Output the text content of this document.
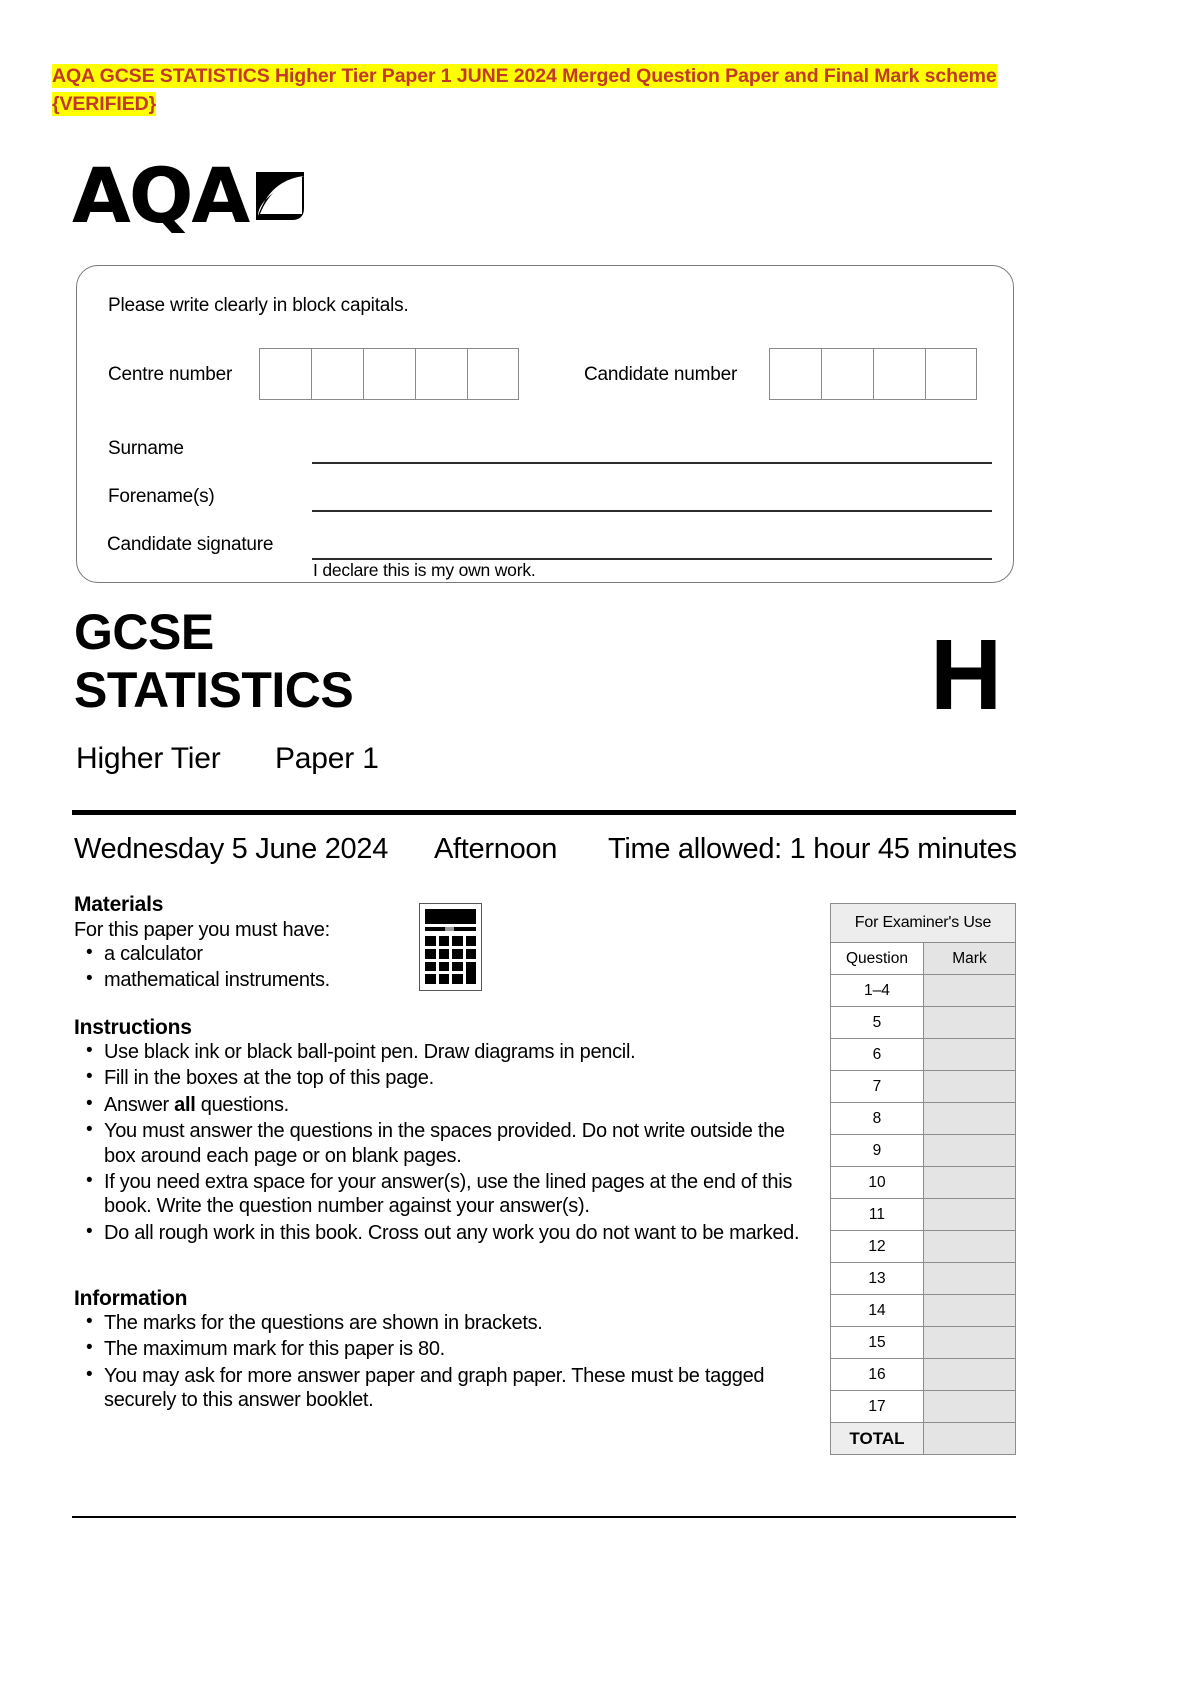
AQA GCSE STATISTICS Higher Tier Paper 1 JUNE 2024 Merged Question Paper and Final Mark scheme {VERIFIED}
AQA
Please write clearly in block capitals.
Centre number	Candidate number
Surname
Forename(s)
Candidate signature
I declare this is my own work.
GCSE
STATISTICS
Higher Tier Paper 1
H
Wednesday 5 June 2024 Afternoon Time allowed: 1 hour 45 minutes
Materials
For this paper you must have:
• a calculator
• mathematical instruments.
Instructions
• Use black ink or black ball-point pen. Draw diagrams in pencil.
• Fill in the boxes at the top of this page.
• Answer all questions.
• You must answer the questions in the spaces provided. Do not write outside the box around each page or on blank pages.
• If you need extra space for your answer(s), use the lined pages at the end of this book. Write the question number against your answer(s).
• Do all rough work in this book. Cross out any work you do not want to be marked.
Information
• The marks for the questions are shown in brackets.
• The maximum mark for this paper is 80.
• You may ask for more answer paper and graph paper. These must be tagged securely to this answer booklet.
For Examiner's Use	
Question	Mark
1–4	
5	
6	
7	
8	
9	
10	
11	
12	
13	
14	
15	
16	
17	
TOTAL	
